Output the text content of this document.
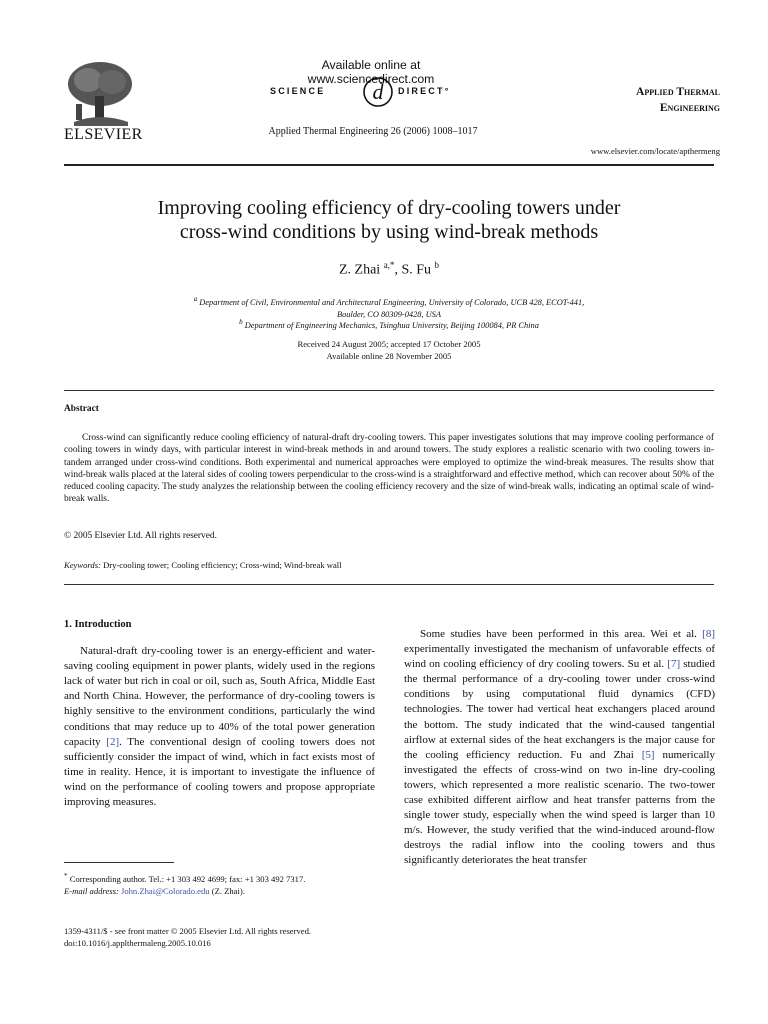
ELSEVIER
Available online at www.sciencedirect.com
SCIENCE d DIRECT°
Applied Thermal Engineering 26 (2006) 1008–1017
Applied Thermal
Engineering
www.elsevier.com/locate/apthermeng
Improving cooling efficiency of dry-cooling towers under
cross-wind conditions by using wind-break methods
Z. Zhai $^{a,*}$, S. Fu $^b$
$^a$ Department of Civil, Environmental and Architectural Engineering, University of Colorado, UCB 428, ECOT-441,
Boulder, CO 80309-0428, USA
$^b$ Department of Engineering Mechanics, Tsinghua University, Beijing 100084, PR China
Received 24 August 2005; accepted 17 October 2005
Available online 28 November 2005
Abstract
Cross-wind can significantly reduce cooling efficiency of natural-draft dry-cooling towers. This paper investigates solutions that may improve cooling performance of cooling towers in windy days, with particular interest in wind-break methods in and around towers. The study explores a realistic scenario with two cooling towers in-tandem arranged under cross-wind conditions. Both experimental and numerical approaches were employed to optimize the wind-break measures. The results show that wind-break walls placed at the lateral sides of cooling towers perpendicular to the cross-wind is a straightforward and effective method, which can recover about 50% of the reduced cooling capacity. The study analyzes the relationship between the cooling efficiency recovery and the size of wind-break walls, indicating an optimal scale of wind-break walls.
© 2005 Elsevier Ltd. All rights reserved.
Keywords: Dry-cooling tower; Cooling efficiency; Cross-wind; Wind-break wall
1. Introduction

Natural-draft dry-cooling tower is an energy-efficient and water-saving cooling equipment in power plants, widely used in the regions lack of water but rich in coal or oil, such as, South Africa, Middle East and North China. However, the performance of dry-cooling towers is highly sensitive to the environment conditions, particularly the wind conditions that may reduce up to 40% of the total power generation capacity [2]. The conventional design of cooling towers does not sufficiently consider the impact of wind, which in fact exists most of time in reality. Hence, it is important to investigate the influence of wind on the performance of cooling towers and propose appropriate improving measures.

Some studies have been performed in this area. Wei et al. [8] experimentally investigated the mechanism of unfavorable effects of wind on cooling efficiency of dry cooling towers. Su et al. [7] studied the thermal performance of a dry-cooling tower under cross-wind conditions by using computational fluid dynamics (CFD) technologies. The tower had vertical heat exchangers placed around the bottom. The study indicated that the wind-caused tangential airflow at external sides of the heat exchangers is the major cause for the cooling efficiency reduction. Fu and Zhai [5] numerically investigated the effects of cross-wind on two in-line dry-cooling towers, which represented a more realistic scenario. The two-tower case exhibited different airflow and heat transfer patterns from the single tower study, especially when the wind speed is larger than 10 m/s. However, the study verified that the wind-induced around-flow destroys the radial inflow into the cooling towers and thus significantly deteriorates the heat transfer

* Corresponding author. Tel.: +1 303 492 4699; fax: +1 303 492 7317.
E-mail address: John.Zhai@Colorado.edu (Z. Zhai).
1359-4311/$ - see front matter © 2005 Elsevier Ltd. All rights reserved.
doi:10.1016/j.applthermaleng.2005.10.016
